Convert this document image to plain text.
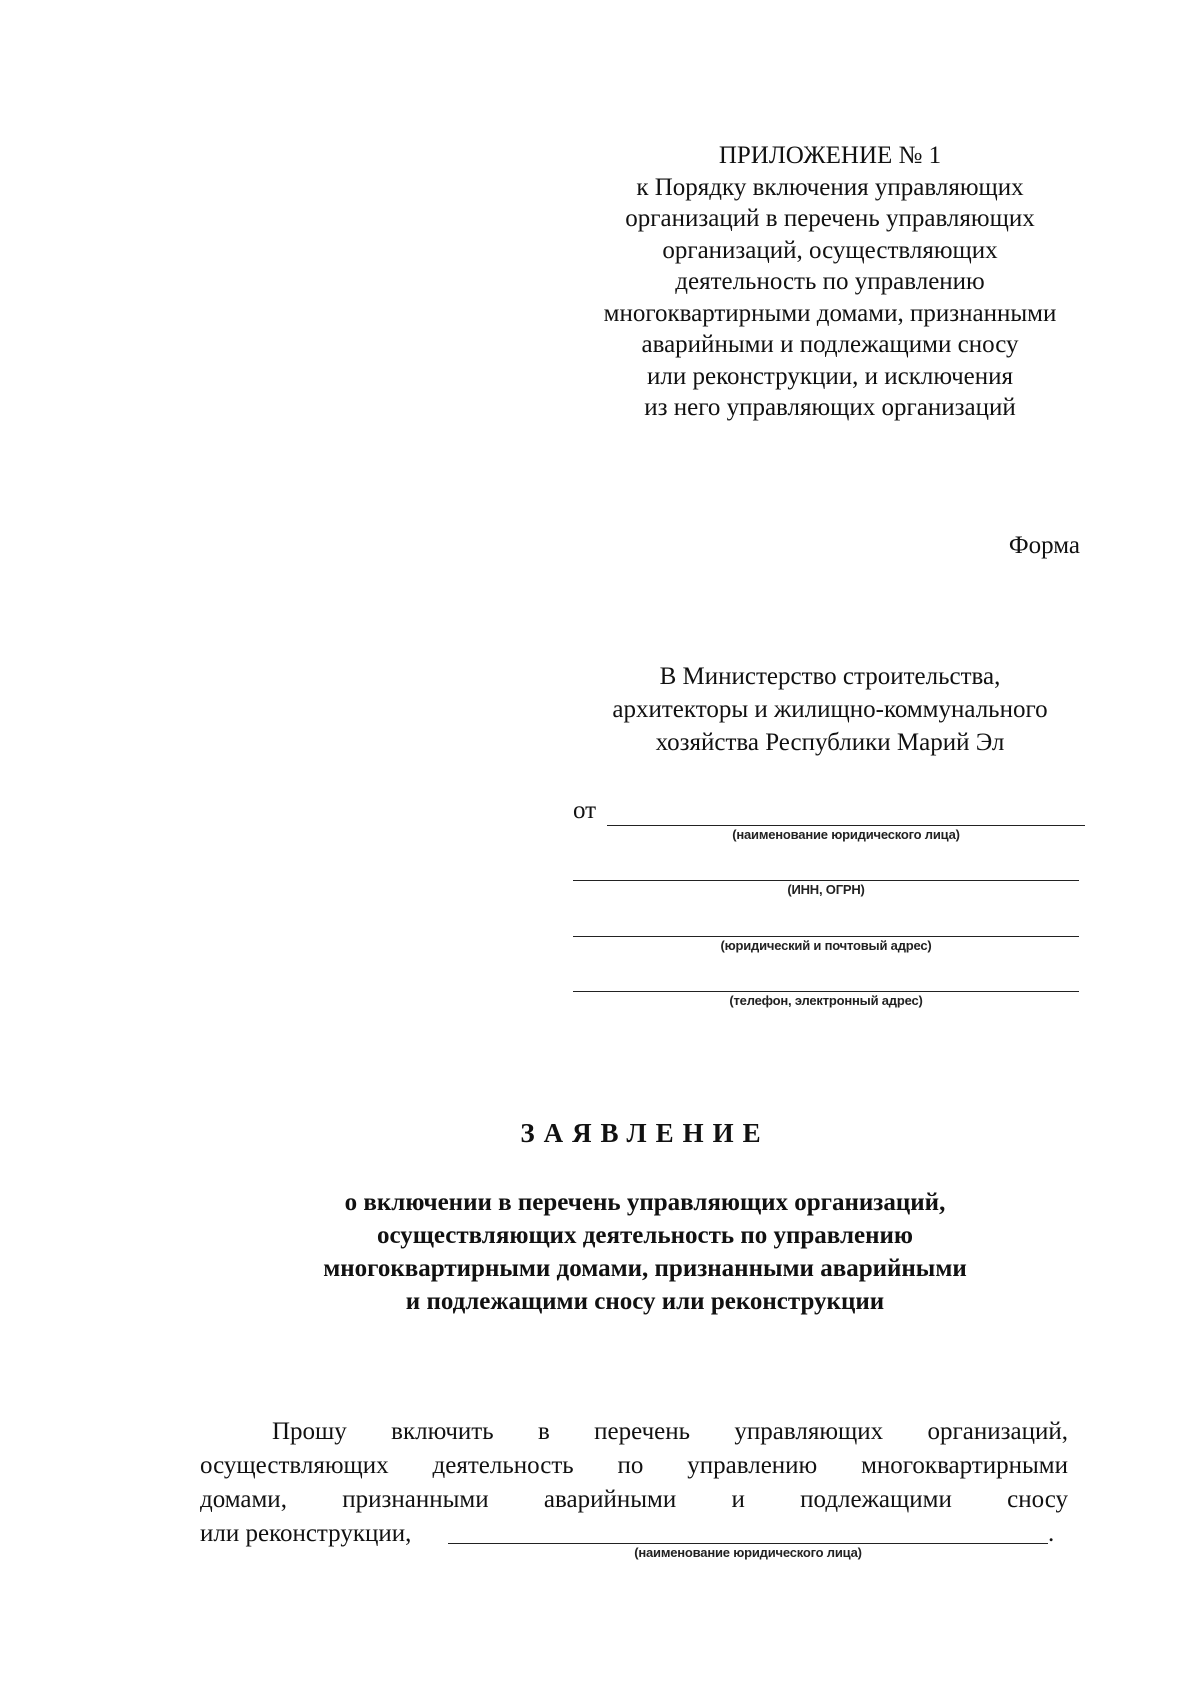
ПРИЛОЖЕНИЕ № 1
к Порядку включения управляющих
организаций в перечень управляющих
организаций, осуществляющих
деятельность по управлению
многоквартирными домами, признанными
аварийными и подлежащими сносу
или реконструкции, и исключения
из него управляющих организаций
Форма
В Министерство строительства,
архитекторы и жилищно-коммунального
хозяйства Республики Марий Эл
от
(наименование юридического лица)
(ИНН, ОГРН)
(юридический и почтовый адрес)
(телефон, электронный адрес)
ЗАЯВЛЕНИЕ
о включении в перечень управляющих организаций,
осуществляющих деятельность по управлению
многоквартирными домами, признанными аварийными
и подлежащими сносу или реконструкции
Прошу включить в перечень управляющих организаций,
осуществляющих деятельность по управлению многоквартирными
домами, признанными аварийными и подлежащими сносу
или реконструкции,	.
(наименование юридического лица)
